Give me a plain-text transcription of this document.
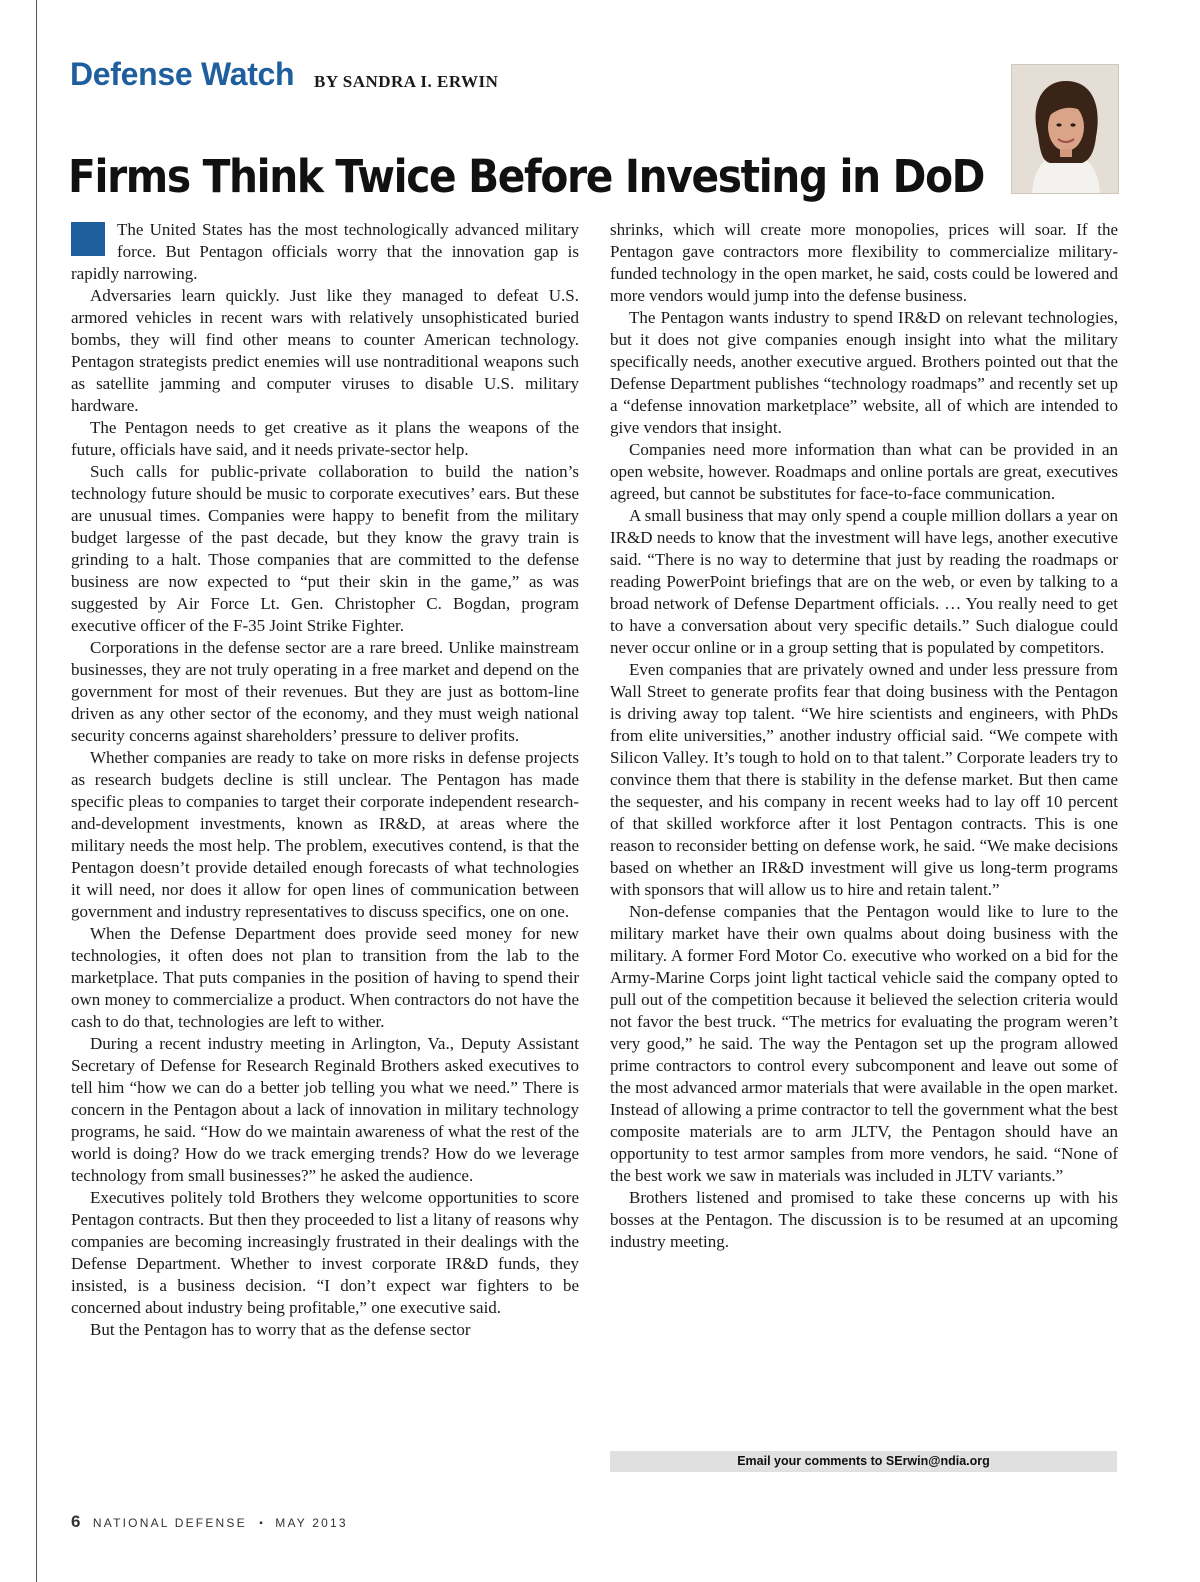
Defense Watch BY SANDRA I. ERWIN
Firms Think Twice Before Investing in DoD

The United States has the most technologically advanced military force. But Pentagon officials worry that the innovation gap is rapidly narrowing.

Adversaries learn quickly. Just like they managed to defeat U.S. armored vehicles in recent wars with relatively unsophisticated buried bombs, they will find other means to counter American technology. Pentagon strategists predict enemies will use nontraditional weapons such as satellite jamming and computer viruses to disable U.S. military hardware.

The Pentagon needs to get creative as it plans the weapons of the future, officials have said, and it needs private-sector help.

Such calls for public-private collaboration to build the nation’s technology future should be music to corporate executives’ ears. But these are unusual times. Companies were happy to benefit from the military budget largesse of the past decade, but they know the gravy train is grinding to a halt. Those companies that are committed to the defense business are now expected to “put their skin in the game,” as was suggested by Air Force Lt. Gen. Christopher C. Bogdan, program executive officer of the F-35 Joint Strike Fighter.

Corporations in the defense sector are a rare breed. Unlike mainstream businesses, they are not truly operating in a free market and depend on the government for most of their revenues. But they are just as bottom-line driven as any other sector of the economy, and they must weigh national security concerns against shareholders’ pressure to deliver profits.

Whether companies are ready to take on more risks in defense projects as research budgets decline is still unclear. The Pentagon has made specific pleas to companies to target their corporate independent research-and-development investments, known as IR&D, at areas where the military needs the most help. The problem, executives contend, is that the Pentagon doesn’t provide detailed enough forecasts of what technologies it will need, nor does it allow for open lines of communication between government and industry representatives to discuss specifics, one on one.

When the Defense Department does provide seed money for new technologies, it often does not plan to transition from the lab to the marketplace. That puts companies in the position of having to spend their own money to commercialize a product. When contractors do not have the cash to do that, technologies are left to wither.

During a recent industry meeting in Arlington, Va., Deputy Assistant Secretary of Defense for Research Reginald Brothers asked executives to tell him “how we can do a better job telling you what we need.” There is concern in the Pentagon about a lack of innovation in military technology programs, he said. “How do we maintain awareness of what the rest of the world is doing? How do we track emerging trends? How do we leverage technology from small businesses?” he asked the audience.

Executives politely told Brothers they welcome opportunities to score Pentagon contracts. But then they proceeded to list a litany of reasons why companies are becoming increasingly frustrated in their dealings with the Defense Department. Whether to invest corporate IR&D funds, they insisted, is a business decision. “I don’t expect war fighters to be concerned about industry being profitable,” one executive said.

But the Pentagon has to worry that as the defense sector

shrinks, which will create more monopolies, prices will soar. If the Pentagon gave contractors more flexibility to commercialize military-funded technology in the open market, he said, costs could be lowered and more vendors would jump into the defense business.

The Pentagon wants industry to spend IR&D on relevant technologies, but it does not give companies enough insight into what the military specifically needs, another executive argued. Brothers pointed out that the Defense Department publishes “technology roadmaps” and recently set up a “defense innovation marketplace” website, all of which are intended to give vendors that insight.

Companies need more information than what can be provided in an open website, however. Roadmaps and online portals are great, executives agreed, but cannot be substitutes for face-to-face communication.

A small business that may only spend a couple million dollars a year on IR&D needs to know that the investment will have legs, another executive said. “There is no way to determine that just by reading the roadmaps or reading PowerPoint briefings that are on the web, or even by talking to a broad network of Defense Department officials. … You really need to get to have a conversation about very specific details.” Such dialogue could never occur online or in a group setting that is populated by competitors.

Even companies that are privately owned and under less pressure from Wall Street to generate profits fear that doing business with the Pentagon is driving away top talent. “We hire scientists and engineers, with PhDs from elite universities,” another industry official said. “We compete with Silicon Valley. It’s tough to hold on to that talent.” Corporate leaders try to convince them that there is stability in the defense market. But then came the sequester, and his company in recent weeks had to lay off 10 percent of that skilled workforce after it lost Pentagon contracts. This is one reason to reconsider betting on defense work, he said. “We make decisions based on whether an IR&D investment will give us long-term programs with sponsors that will allow us to hire and retain talent.”

Non-defense companies that the Pentagon would like to lure to the military market have their own qualms about doing business with the military. A former Ford Motor Co. executive who worked on a bid for the Army-Marine Corps joint light tactical vehicle said the company opted to pull out of the competition because it believed the selection criteria would not favor the best truck. “The metrics for evaluating the program weren’t very good,” he said. The way the Pentagon set up the program allowed prime contractors to control every subcomponent and leave out some of the most advanced armor materials that were available in the open market. Instead of allowing a prime contractor to tell the government what the best composite materials are to arm JLTV, the Pentagon should have an opportunity to test armor samples from more vendors, he said. “None of the best work we saw in materials was included in JLTV variants.”

Brothers listened and promised to take these concerns up with his bosses at the Pentagon. The discussion is to be resumed at an upcoming industry meeting.

Email your comments to SErwin@ndia.org
6 NATIONAL DEFENSE ▪ MAY 2013
